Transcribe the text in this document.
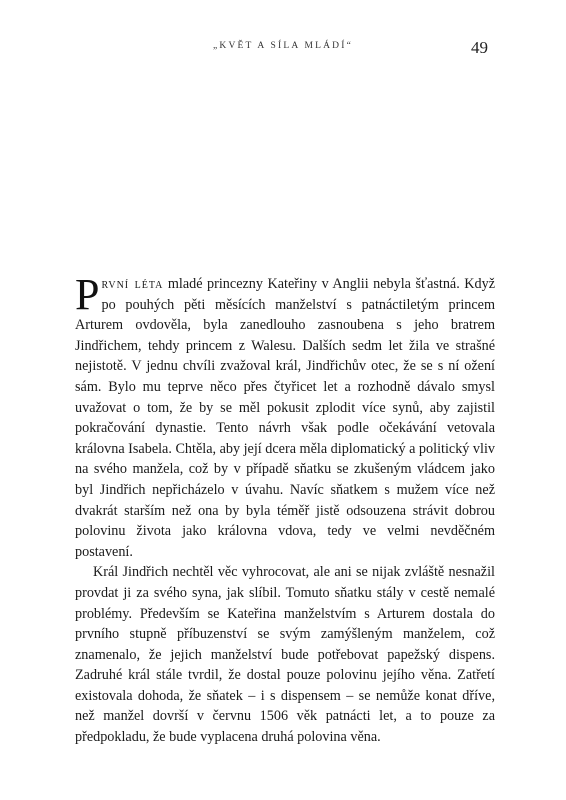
„KVĚT A SÍLA MLÁDÍ“	49

První léta mladé princezny Kateřiny v Anglii nebyla šťastná. Když po pouhých pěti měsících manželství s patnáctiletým princem Arturem ovdověla, byla zanedlouho zasnoubena s jeho bratrem Jindřichem, tehdy princem z Walesu. Dalších sedm let žila ve strašné nejistotě. V jednu chvíli zvažoval král, Jindřichův otec, že se s ní ožení sám. Bylo mu teprve něco přes čtyřicet let a rozhodně dávalo smysl uvažovat o tom, že by se měl pokusit zplodit více synů, aby zajistil pokračování dynastie. Tento návrh však podle očekávání vetovala královna Isabela. Chtěla, aby její dcera měla diplomatický a politický vliv na svého manžela, což by v případě sňatku se zkušeným vládcem jako byl Jindřich nepřicházelo v úvahu. Navíc sňatkem s mužem více než dvakrát starším než ona by byla téměř jistě odsouzena strávit dobrou polovinu života jako královna vdova, tedy ve velmi nevděčném postavení.

Král Jindřich nechtěl věc vyhrocovat, ale ani se nijak zvláště nesnažil provdat ji za svého syna, jak slíbil. Tomuto sňatku stály v cestě nemalé problémy. Především se Kateřina manželstvím s Arturem dostala do prvního stupně příbuzenství se svým zamýšleným manželem, což znamenalo, že jejich manželství bude potřebovat papežský dispens. Zadruhé král stále tvrdil, že dostal pouze polovinu jejího věna. Zatřetí existovala dohoda, že sňatek – i s dispensem – se nemůže konat dříve, než manžel dovrší v červnu 1506 věk patnácti let, a to pouze za předpokladu, že bude vyplacena druhá polovina věna.
